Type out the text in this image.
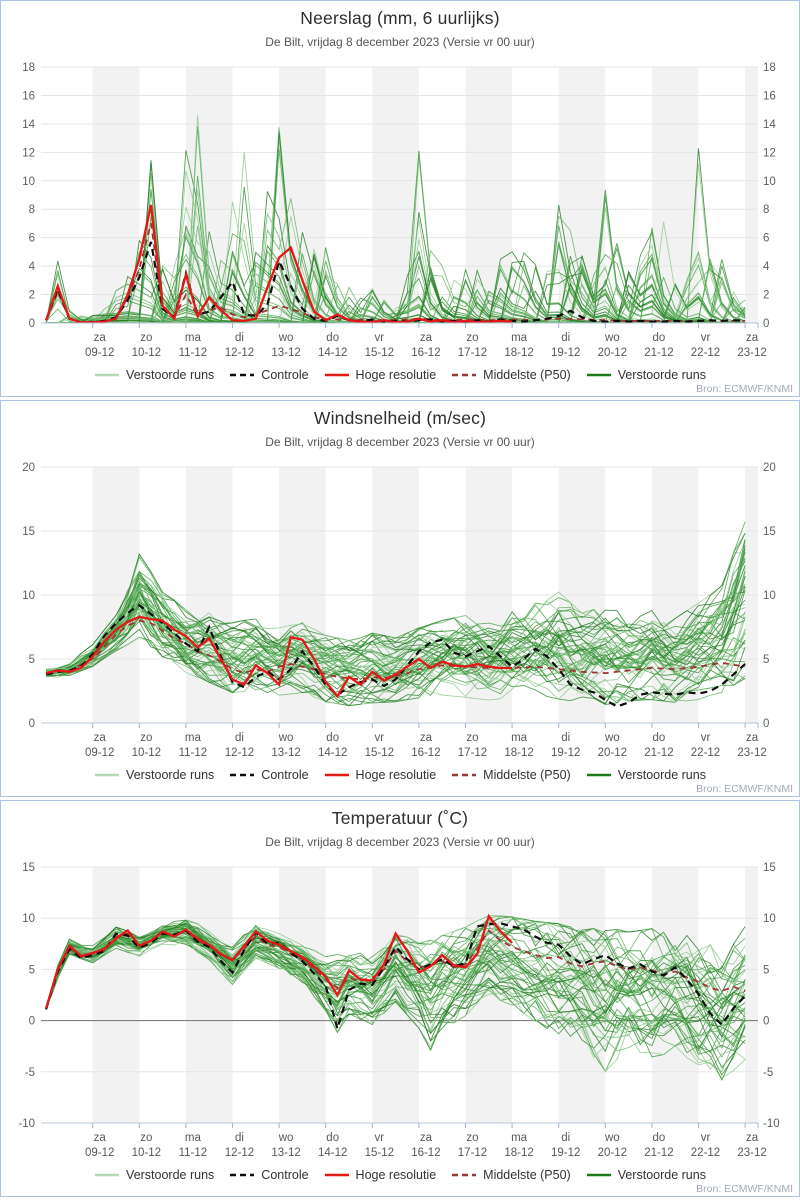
Neerslag (mm, 6 uurlijks)
De Bilt, vrijdag 8 december 2023 (Versie vr 00 uur)
0	0
2	2
4	4
6	6
8	8
10	10
12	12
14	14
16	16
18	18
za
09-12
zo
10-12
ma
11-12
di
12-12
wo
13-12
do
14-12
vr
15-12
za
16-12
zo
17-12
ma
18-12
di
19-12
wo
20-12
do
21-12
vr
22-12
za
23-12
Verstoorde runs	Controle	Hoge resolutie	Middelste (P50)	Verstoorde runs
Bron: ECMWF/KNMI
Windsnelheid (m/sec)
De Bilt, vrijdag 8 december 2023 (Versie vr 00 uur)
0	0
5	5
10	10
15	15
20	20
za
09-12
zo
10-12
ma
11-12
di
12-12
wo
13-12
do
14-12
vr
15-12
za
16-12
zo
17-12
ma
18-12
di
19-12
wo
20-12
do
21-12
vr
22-12
za
23-12
Verstoorde runs	Controle	Hoge resolutie	Middelste (P50)	Verstoorde runs
Bron: ECMWF/KNMI
Temperatuur (˚C)
De Bilt, vrijdag 8 december 2023 (Versie vr 00 uur)
-10	-10
-5	-5
0	0
5	5
10	10
15	15
za
09-12
zo
10-12
ma
11-12
di
12-12
wo
13-12
do
14-12
vr
15-12
za
16-12
zo
17-12
ma
18-12
di
19-12
wo
20-12
do
21-12
vr
22-12
za
23-12
Verstoorde runs	Controle	Hoge resolutie	Middelste (P50)	Verstoorde runs
Bron: ECMWF/KNMI
